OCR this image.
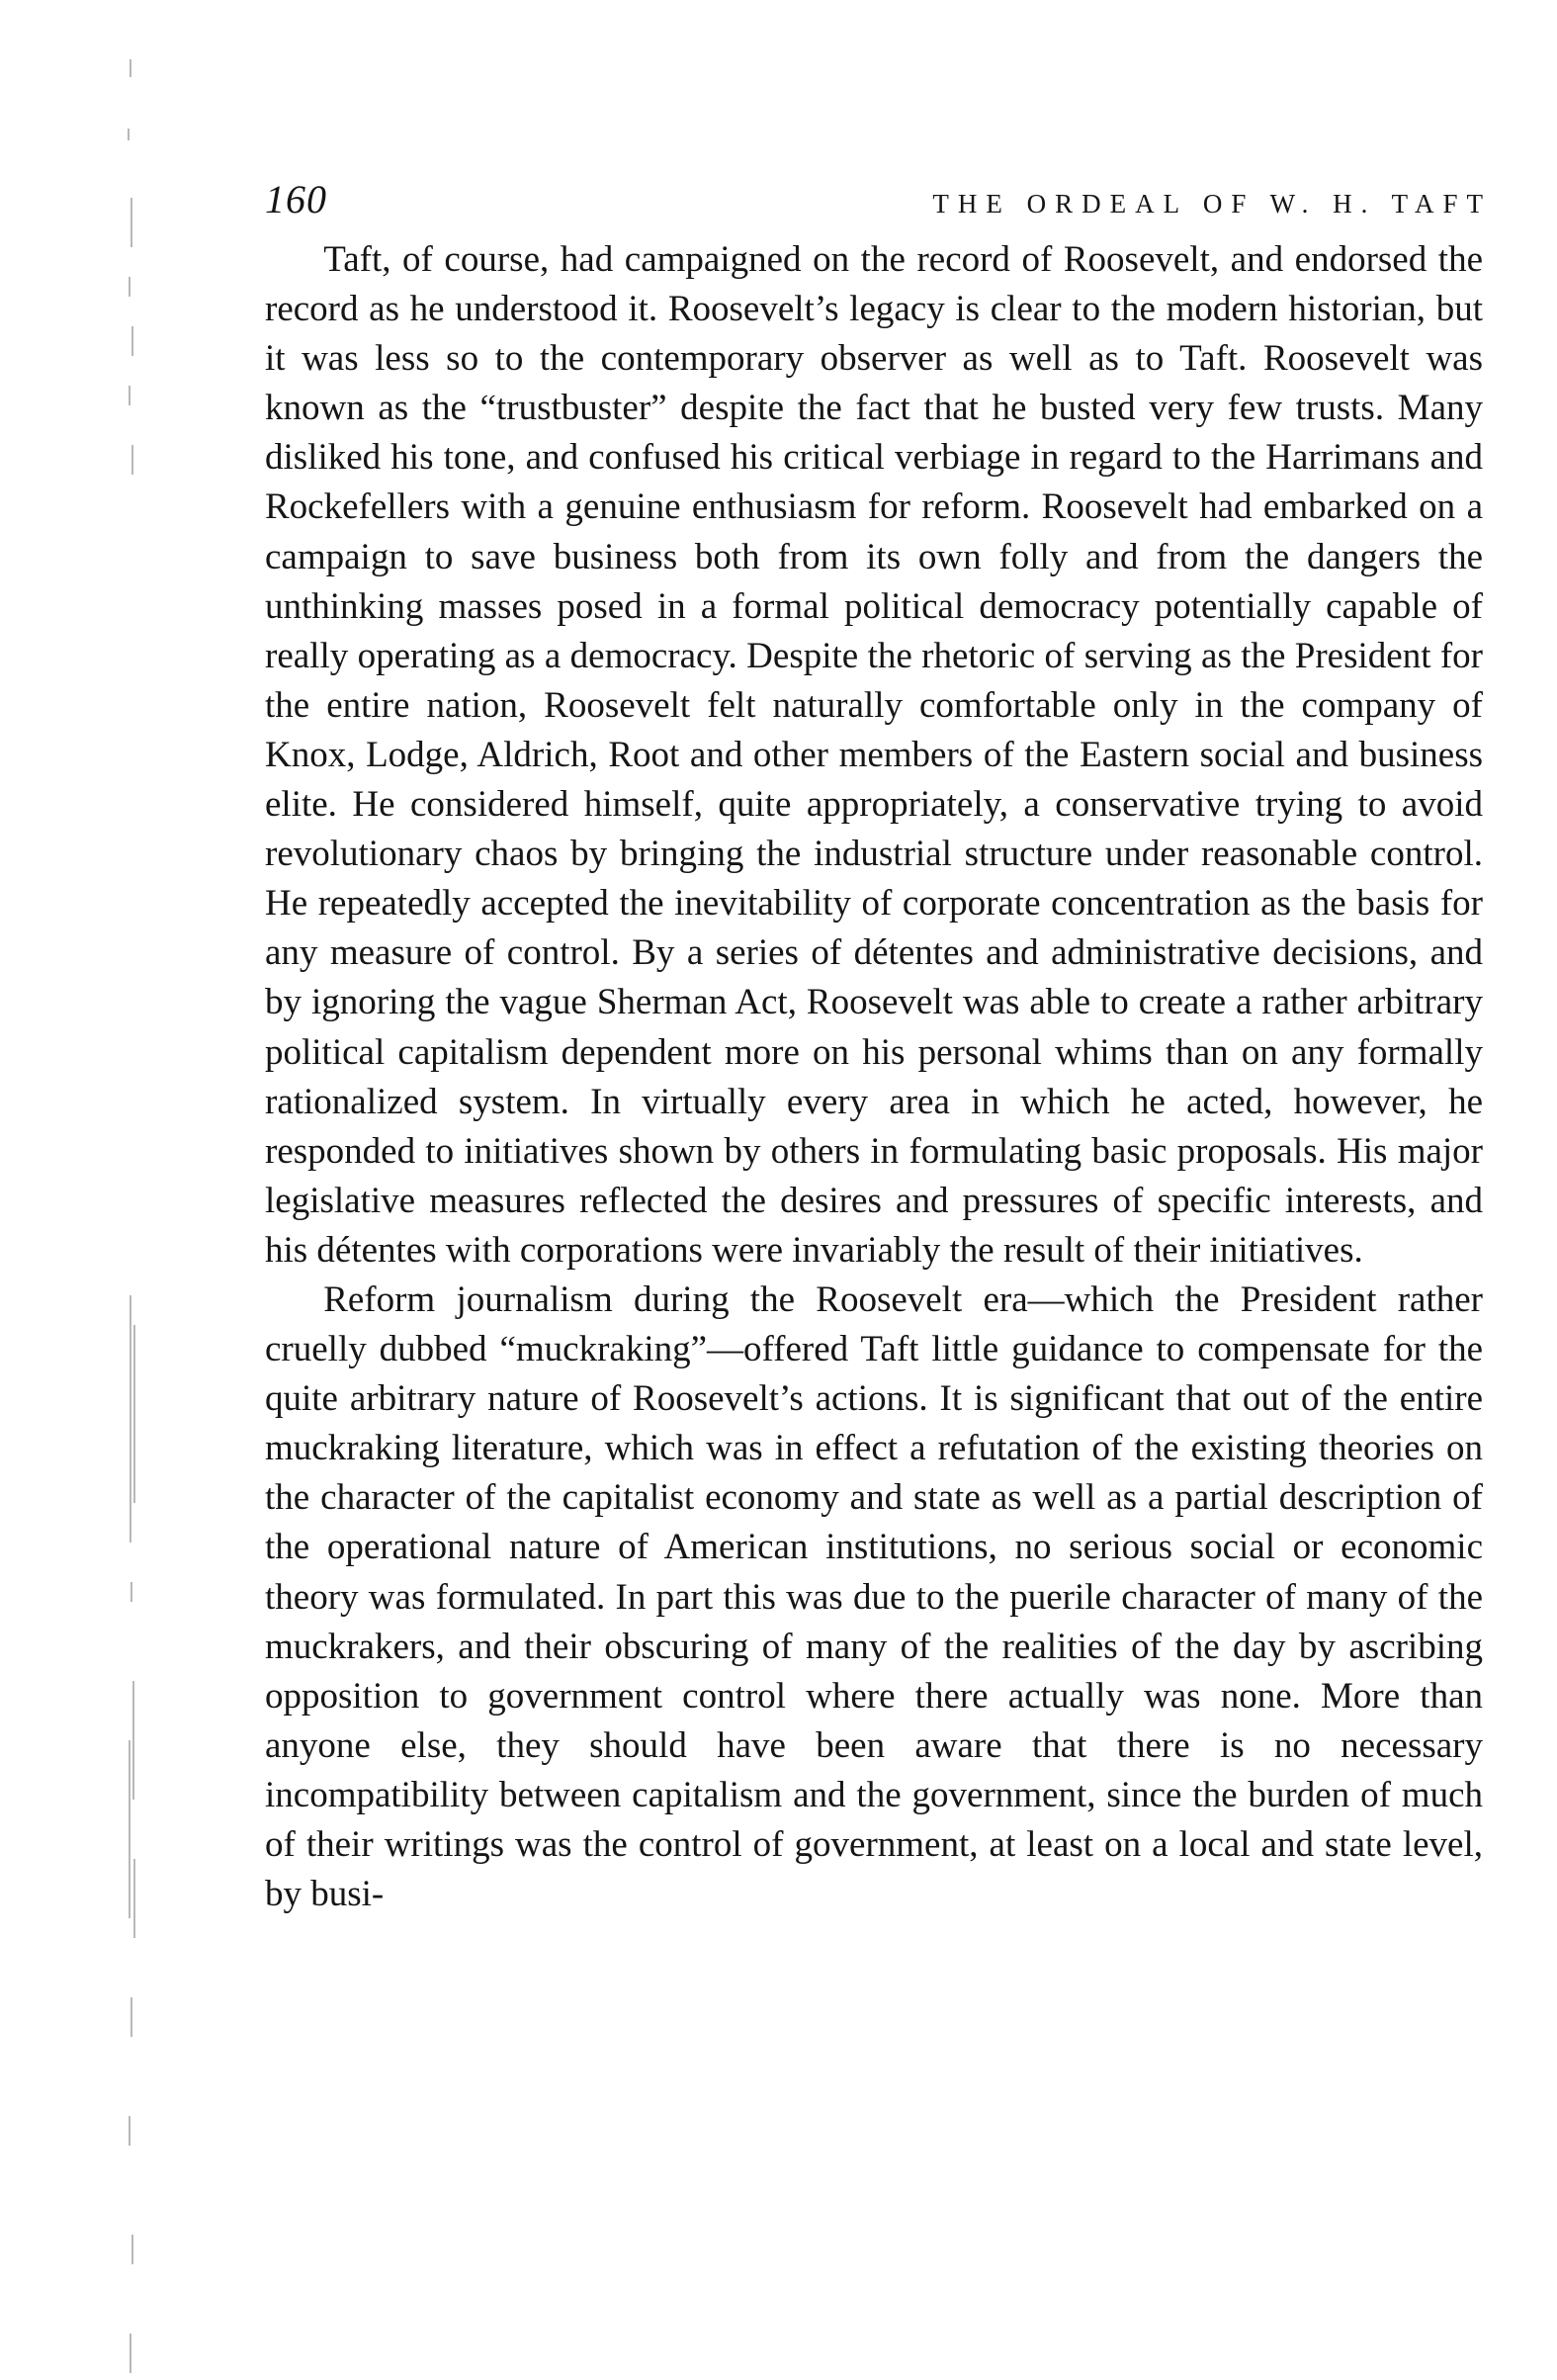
160	THE ORDEAL OF W. H. TAFT

Taft, of course, had campaigned on the record of Roosevelt, and endorsed the record as he understood it. Roosevelt’s legacy is clear to the modern historian, but it was less so to the contemporary observer as well as to Taft. Roosevelt was known as the “trustbuster” despite the fact that he busted very few trusts. Many disliked his tone, and confused his critical verbiage in regard to the Harrimans and Rockefellers with a genuine enthusiasm for reform. Roosevelt had embarked on a campaign to save business both from its own folly and from the dangers the unthinking masses posed in a formal political democracy potentially capable of really operating as a democracy. Despite the rhetoric of serving as the President for the entire nation, Roosevelt felt naturally comfortable only in the company of Knox, Lodge, Aldrich, Root and other members of the Eastern social and business elite. He considered himself, quite appropriately, a conservative trying to avoid revolutionary chaos by bringing the industrial structure under reasonable control. He repeatedly accepted the inevitability of corporate concentration as the basis for any measure of control. By a series of détentes and administrative decisions, and by ignoring the vague Sherman Act, Roosevelt was able to create a rather arbitrary political capitalism dependent more on his personal whims than on any formally rationalized system. In virtually every area in which he acted, however, he responded to initiatives shown by others in formulating basic proposals. His major legislative measures reflected the desires and pressures of specific interests, and his détentes with corporations were invariably the result of their initiatives.

Reform journalism during the Roosevelt era—which the President rather cruelly dubbed “muckraking”—offered Taft little guidance to compensate for the quite arbitrary nature of Roosevelt’s actions. It is significant that out of the entire muckraking literature, which was in effect a refutation of the existing theories on the character of the capitalist economy and state as well as a partial description of the operational nature of American institutions, no serious social or economic theory was formulated. In part this was due to the puerile character of many of the muckrakers, and their obscuring of many of the realities of the day by ascribing opposition to government control where there actually was none. More than anyone else, they should have been aware that there is no necessary incompatibility between capitalism and the government, since the burden of much of their writings was the control of government, at least on a local and state level, by busi-
